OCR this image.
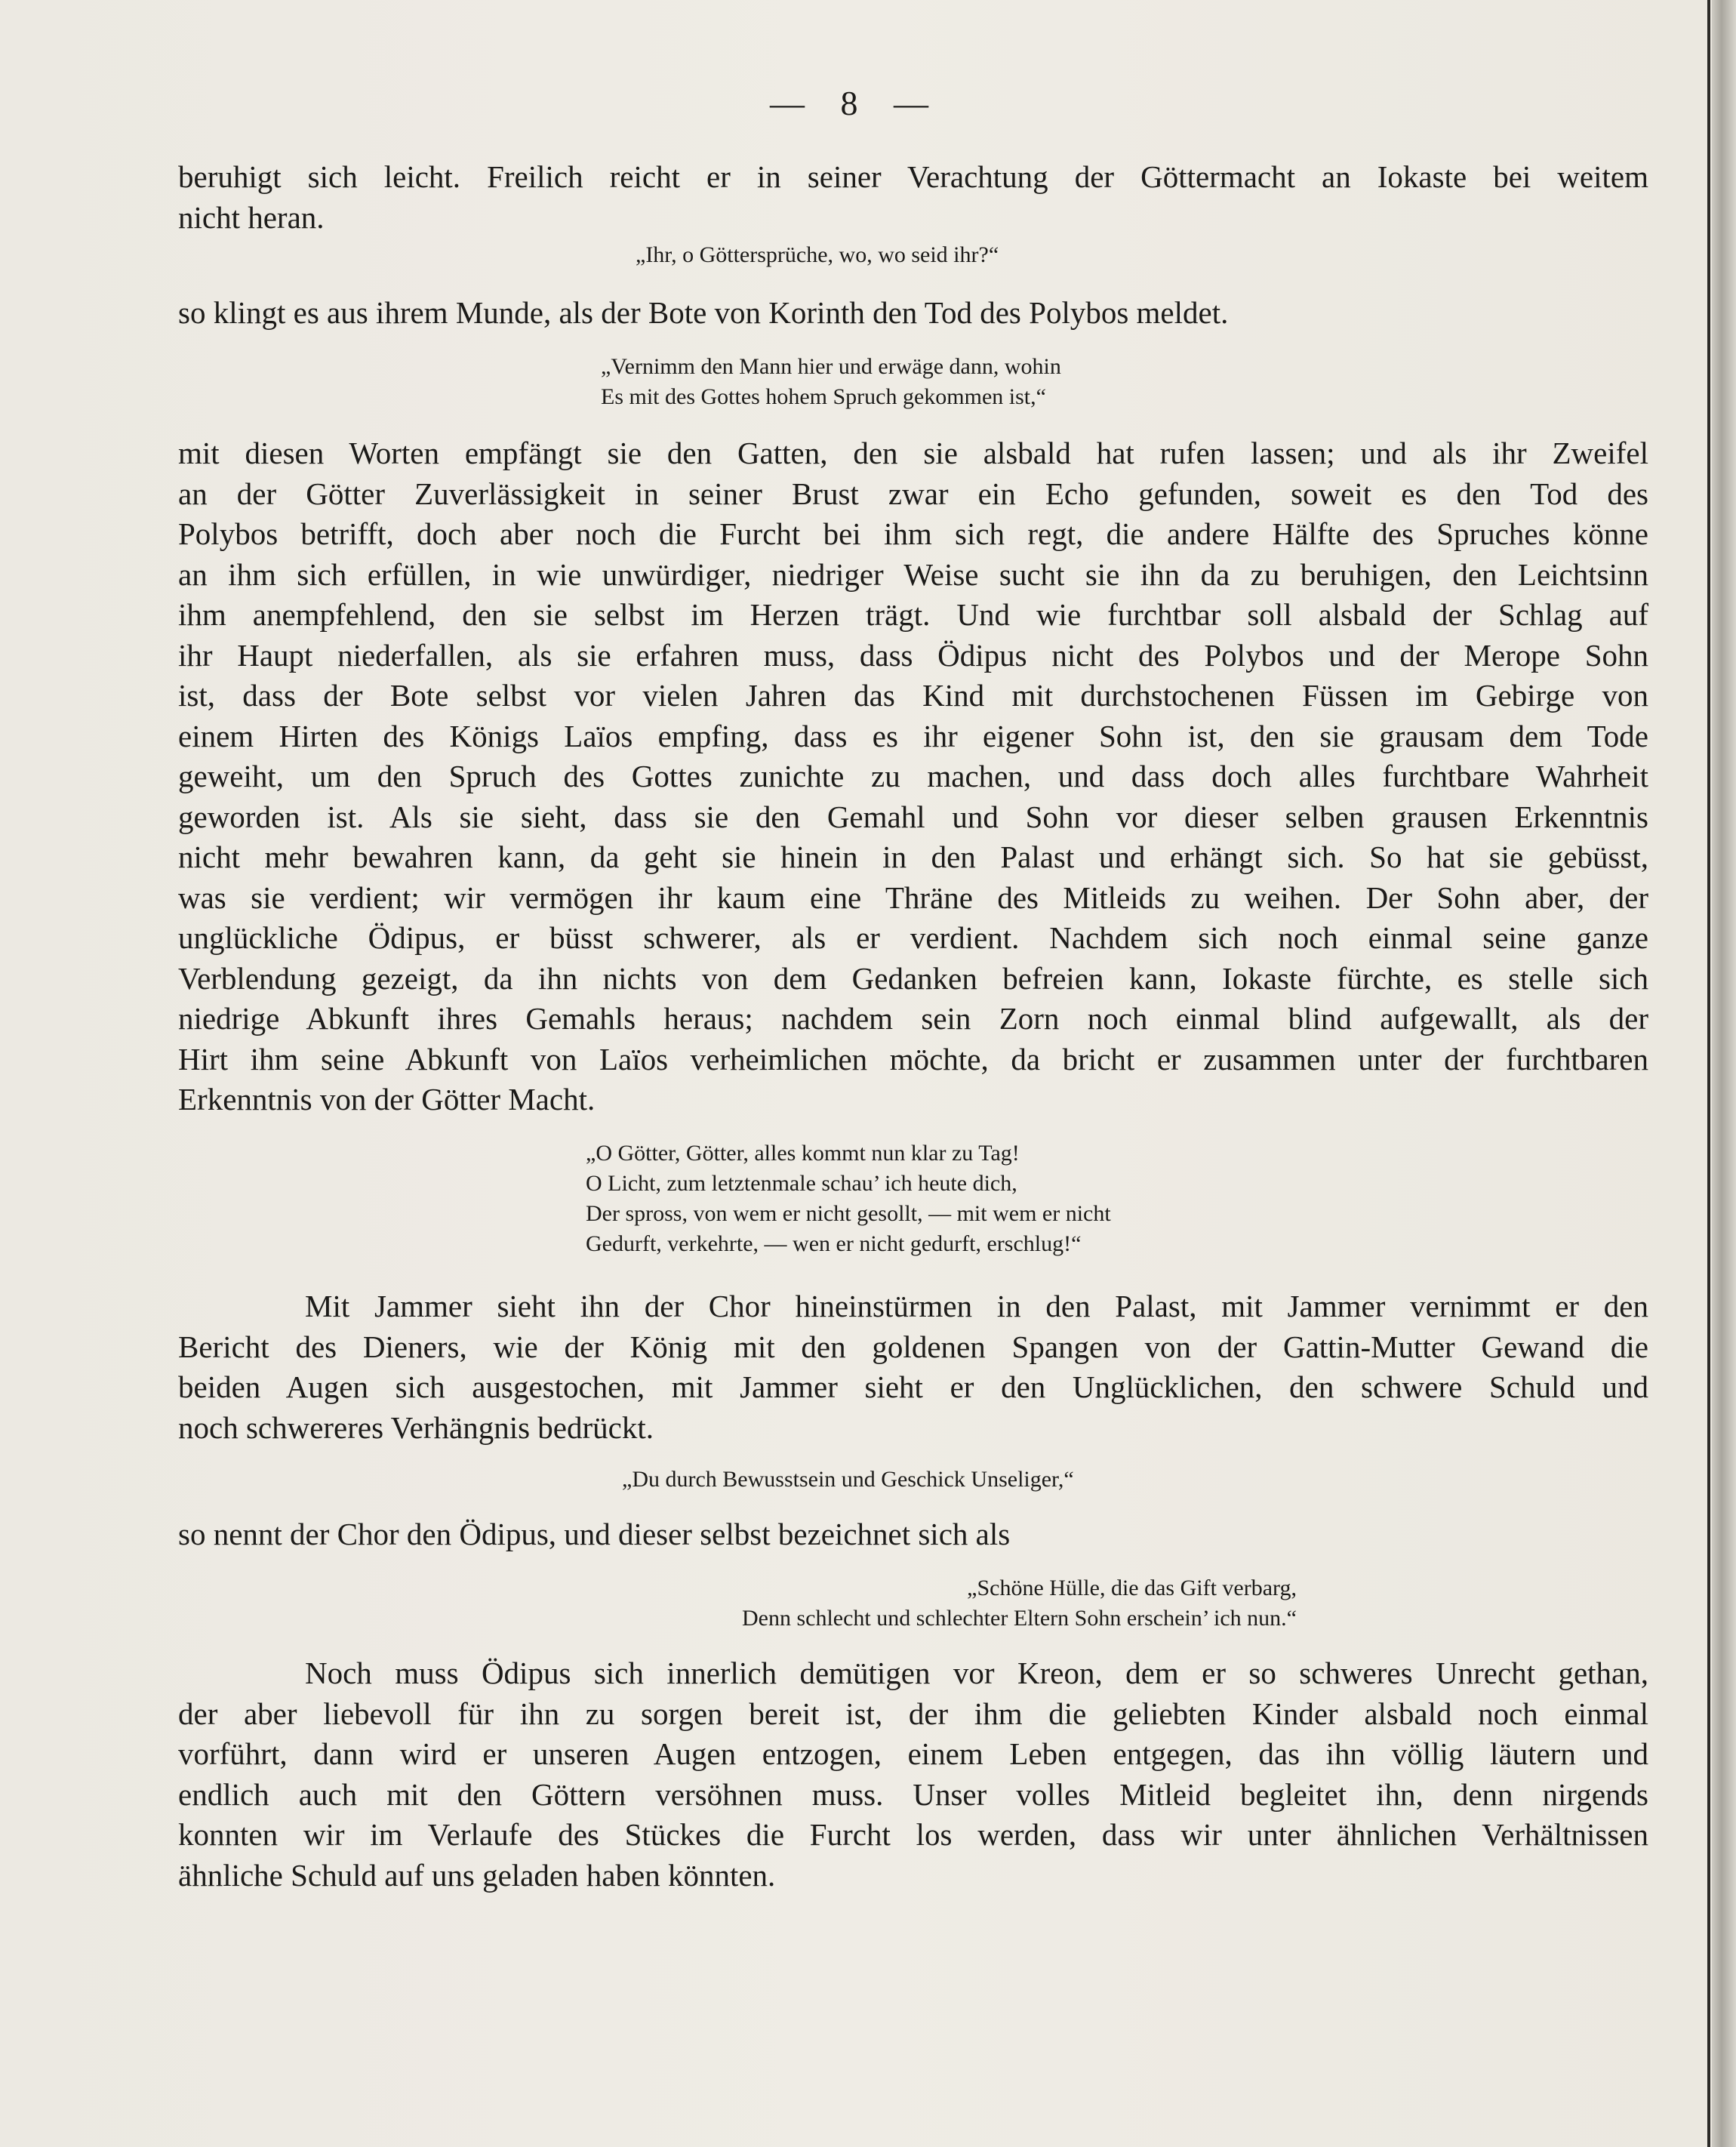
— 8 —
beruhigt sich leicht. Freilich reicht er in seiner Verachtung der Göttermacht an Iokaste bei weitem
nicht heran.
„Ihr, o Göttersprüche, wo, wo seid ihr?“
so klingt es aus ihrem Munde, als der Bote von Korinth den Tod des Polybos meldet.
„Vernimm den Mann hier und erwäge dann, wohin
Es mit des Gottes hohem Spruch gekommen ist,“
mit diesen Worten empfängt sie den Gatten, den sie alsbald hat rufen lassen; und als ihr Zweifel
an der Götter Zuverlässigkeit in seiner Brust zwar ein Echo gefunden, soweit es den Tod des
Polybos betrifft, doch aber noch die Furcht bei ihm sich regt, die andere Hälfte des Spruches könne
an ihm sich erfüllen, in wie unwürdiger, niedriger Weise sucht sie ihn da zu beruhigen, den Leichtsinn
ihm anempfehlend, den sie selbst im Herzen trägt. Und wie furchtbar soll alsbald der Schlag auf
ihr Haupt niederfallen, als sie erfahren muss, dass Ödipus nicht des Polybos und der Merope Sohn
ist, dass der Bote selbst vor vielen Jahren das Kind mit durchstochenen Füssen im Gebirge von
einem Hirten des Königs Laïos empfing, dass es ihr eigener Sohn ist, den sie grausam dem Tode
geweiht, um den Spruch des Gottes zunichte zu machen, und dass doch alles furchtbare Wahrheit
geworden ist. Als sie sieht, dass sie den Gemahl und Sohn vor dieser selben grausen Erkenntnis
nicht mehr bewahren kann, da geht sie hinein in den Palast und erhängt sich. So hat sie gebüsst,
was sie verdient; wir vermögen ihr kaum eine Thräne des Mitleids zu weihen. Der Sohn aber, der
unglückliche Ödipus, er büsst schwerer, als er verdient. Nachdem sich noch einmal seine ganze
Verblendung gezeigt, da ihn nichts von dem Gedanken befreien kann, Iokaste fürchte, es stelle sich
niedrige Abkunft ihres Gemahls heraus; nachdem sein Zorn noch einmal blind aufgewallt, als der
Hirt ihm seine Abkunft von Laïos verheimlichen möchte, da bricht er zusammen unter der furchtbaren
Erkenntnis von der Götter Macht.
„O Götter, Götter, alles kommt nun klar zu Tag!
O Licht, zum letztenmale schau’ ich heute dich,
Der spross, von wem er nicht gesollt, — mit wem er nicht
Gedurft, verkehrte, — wen er nicht gedurft, erschlug!“
Mit Jammer sieht ihn der Chor hineinstürmen in den Palast, mit Jammer vernimmt er den
Bericht des Dieners, wie der König mit den goldenen Spangen von der Gattin-Mutter Gewand die
beiden Augen sich ausgestochen, mit Jammer sieht er den Unglücklichen, den schwere Schuld und
noch schwereres Verhängnis bedrückt.
„Du durch Bewusstsein und Geschick Unseliger,“
so nennt der Chor den Ödipus, und dieser selbst bezeichnet sich als
„Schöne Hülle, die das Gift verbarg,
Denn schlecht und schlechter Eltern Sohn erschein’ ich nun.“
Noch muss Ödipus sich innerlich demütigen vor Kreon, dem er so schweres Unrecht gethan,
der aber liebevoll für ihn zu sorgen bereit ist, der ihm die geliebten Kinder alsbald noch einmal
vorführt, dann wird er unseren Augen entzogen, einem Leben entgegen, das ihn völlig läutern und
endlich auch mit den Göttern versöhnen muss. Unser volles Mitleid begleitet ihn, denn nirgends
konnten wir im Verlaufe des Stückes die Furcht los werden, dass wir unter ähnlichen Verhältnissen
ähnliche Schuld auf uns geladen haben könnten.
